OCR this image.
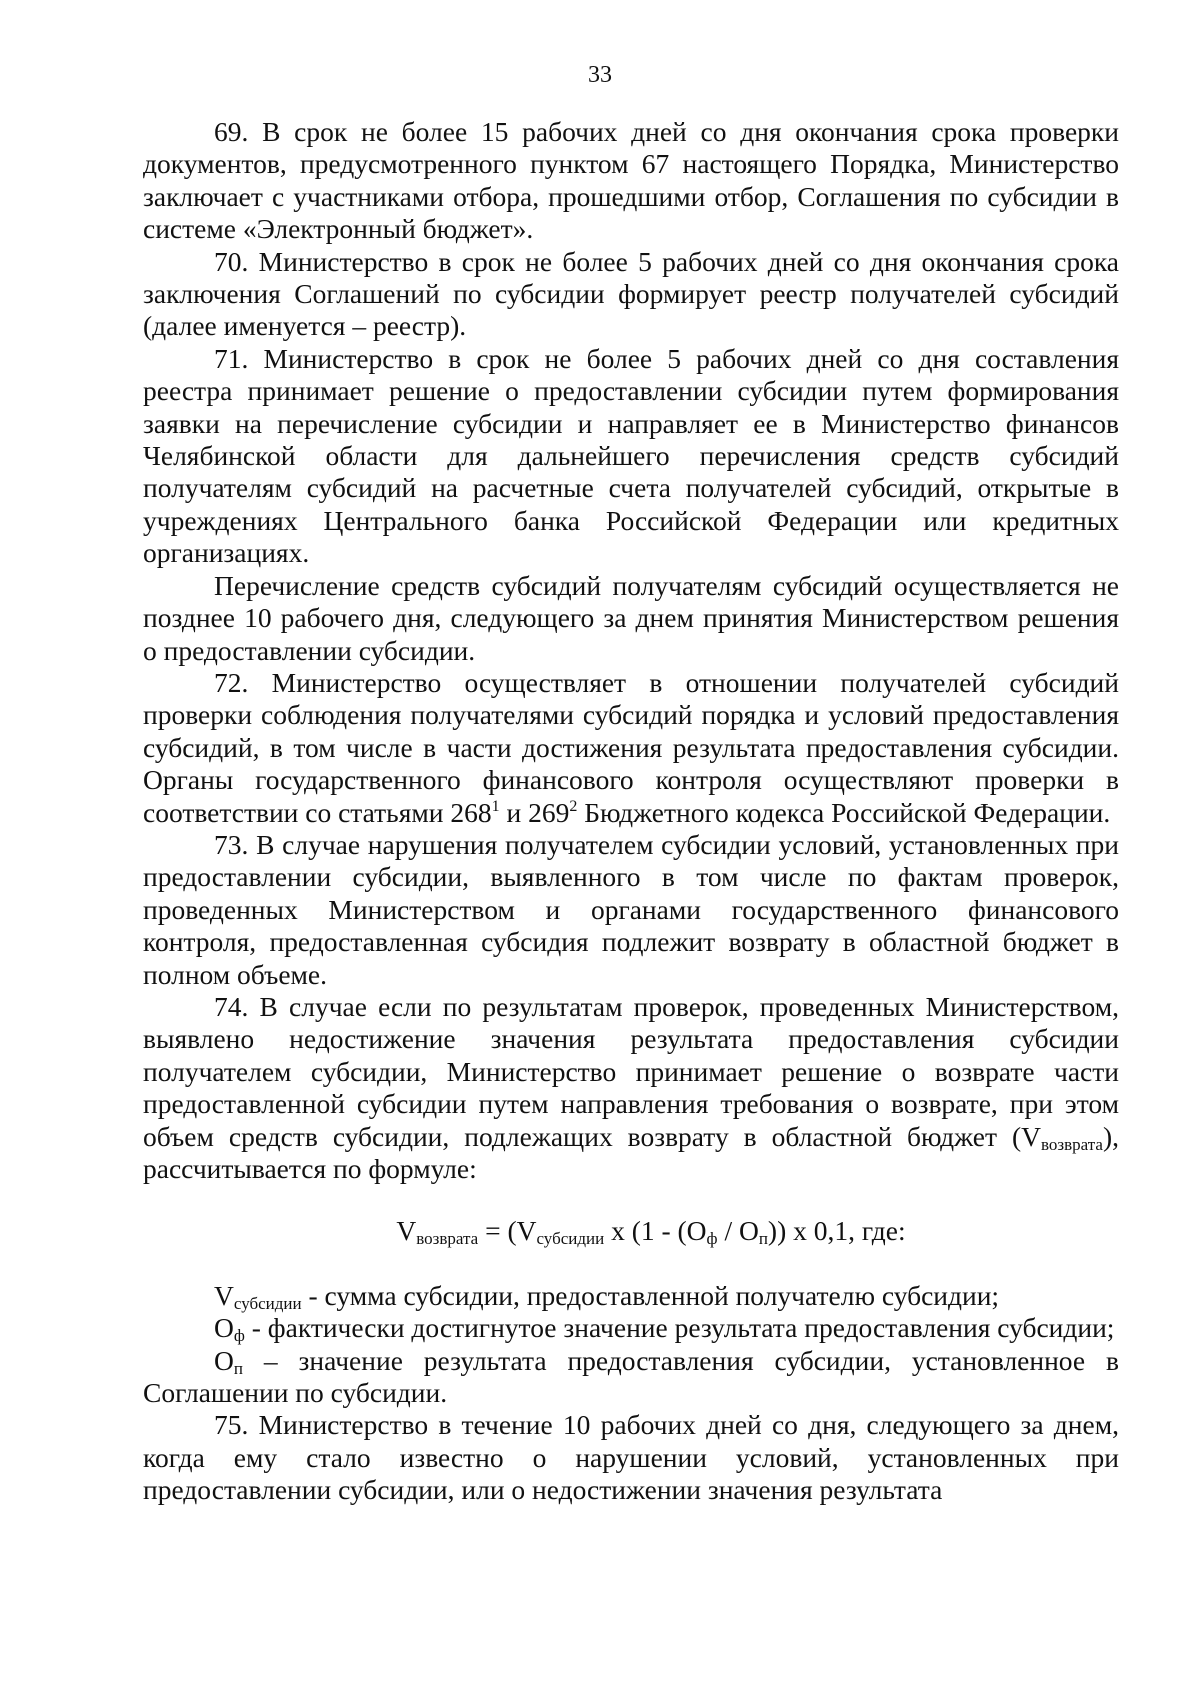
33

69. В срок не более 15 рабочих дней со дня окончания срока проверки документов, предусмотренного пунктом 67 настоящего Порядка, Министерство заключает с участниками отбора, прошедшими отбор, Соглашения по субсидии в системе «Электронный бюджет».

70. Министерство в срок не более 5 рабочих дней со дня окончания срока заключения Соглашений по субсидии формирует реестр получателей субсидий (далее именуется – реестр).

71. Министерство в срок не более 5 рабочих дней со дня составления реестра принимает решение о предоставлении субсидии путем формирования заявки на перечисление субсидии и направляет ее в Министерство финансов Челябинской области для дальнейшего перечисления средств субсидий получателям субсидий на расчетные счета получателей субсидий, открытые в учреждениях Центрального банка Российской Федерации или кредитных организациях.

Перечисление средств субсидий получателям субсидий осуществляется не позднее 10 рабочего дня, следующего за днем принятия Министерством решения о предоставлении субсидии.

72. Министерство осуществляет в отношении получателей субсидий проверки соблюдения получателями субсидий порядка и условий предоставления субсидий, в том числе в части достижения результата предоставления субсидии. Органы государственного финансового контроля осуществляют проверки в соответствии со статьями $268^1$ и $269^2$ Бюджетного кодекса Российской Федерации.

73. В случае нарушения получателем субсидии условий, установленных при предоставлении субсидии, выявленного в том числе по фактам проверок, проведенных Министерством и органами государственного финансового контроля, предоставленная субсидия подлежит возврату в областной бюджет в полном объеме.

74. В случае если по результатам проверок, проведенных Министерством, выявлено недостижение значения результата предоставления субсидии получателем субсидии, Министерство принимает решение о возврате части предоставленной субсидии путем направления требования о возврате, при этом объем средств субсидии, подлежащих возврату в областной бюджет $(V_{возврата})$, рассчитывается по формуле:

$V_{возврата} = (V_{субсидии}$ x $(1 - (O_ф / O_п))$ x 0,1, где:

$V_{субсидии}$ - сумма субсидии, предоставленной получателю субсидии;

$O_ф$ - фактически достигнутое значение результата предоставления субсидии;

$O_п$ – значение результата предоставления субсидии, установленное в Соглашении по субсидии.

75. Министерство в течение 10 рабочих дней со дня, следующего за днем, когда ему стало известно о нарушении условий, установленных при предоставлении субсидии, или о недостижении значения результата
